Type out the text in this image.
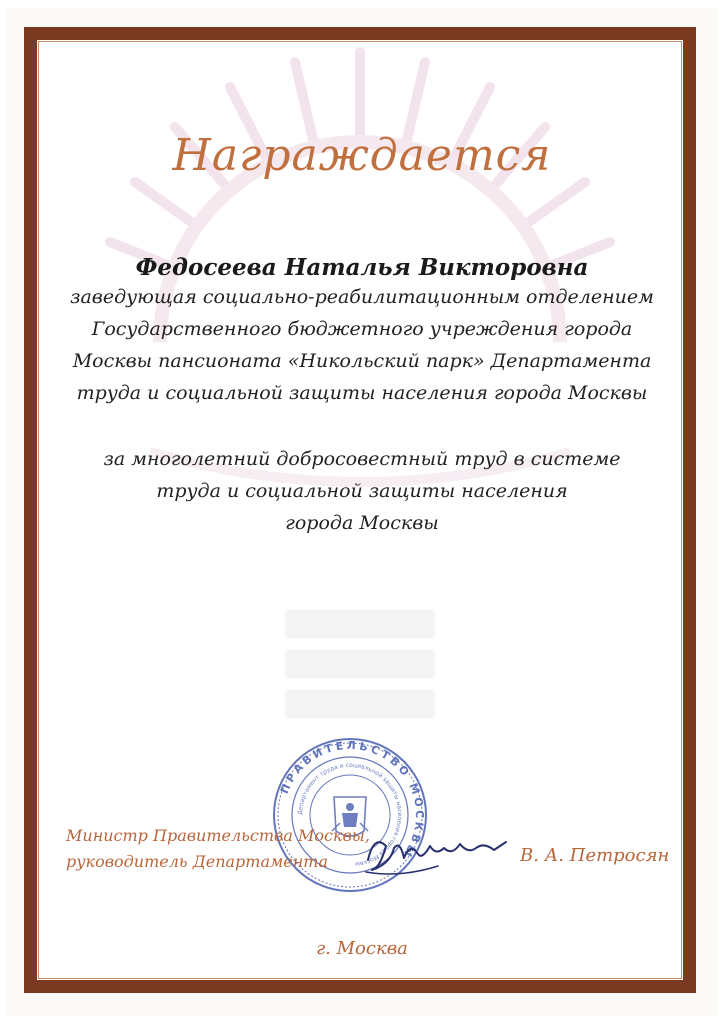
Награждается
Федосеева Наталья Викторовна
заведующая социально-реабилитационным отделением
Государственного бюджетного учреждения города
Москвы пансионата «Никольский парк» Департамента
труда и социальной защиты населения города Москвы
за многолетний добросовестный труд в системе
труда и социальной защиты населения
города Москвы
ПРАВИТЕЛЬСТВО МОСКВЫ
Департамент труда и социальной защиты населения города Москвы
Министр Правительства Москвы,
руководитель Департамента	В. А. Петросян
г. Москва
